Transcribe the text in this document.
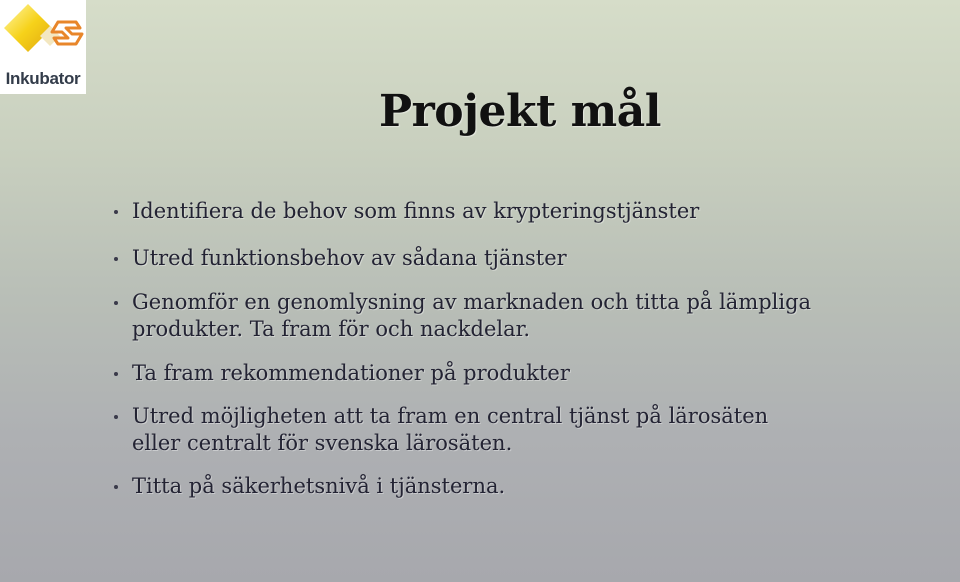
Inkubator
Projekt mål
Identifiera de behov som finns av krypteringstjänster
Utred funktionsbehov av sådana tjänster
Genomför en genomlysning av marknaden och titta på lämpliga produkter. Ta fram för och nackdelar.
Ta fram rekommendationer på produkter
Utred möjligheten att ta fram en central tjänst på lärosäten eller centralt för svenska lärosäten.
Titta på säkerhetsnivå i tjänsterna.
